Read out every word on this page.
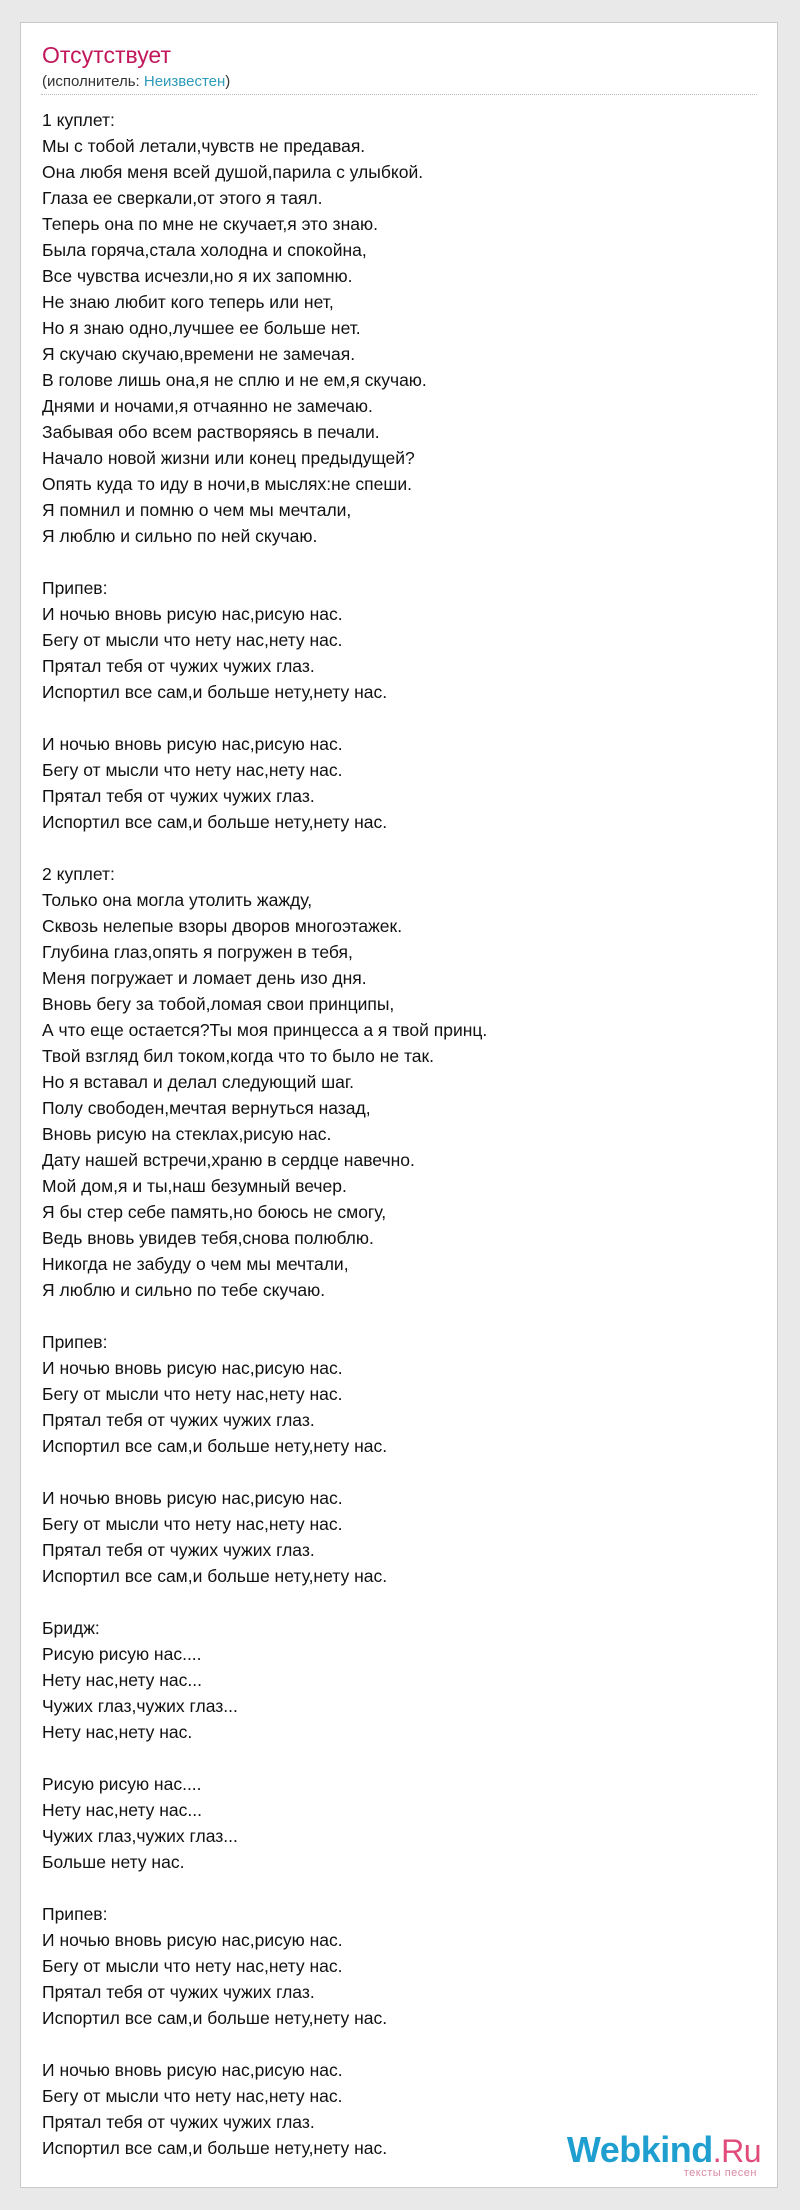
Отсутствует
(исполнитель: Неизвестен)
1 куплет:
Мы с тобой летали,чувств не предавая.
Она любя меня всей душой,парила с улыбкой.
Глаза ее сверкали,от этого я таял.
Теперь она по мне не скучает,я это знаю.
Была горяча,стала холодна и спокойна,
Все чувства исчезли,но я их запомню.
Не знаю любит кого теперь или нет,
Но я знаю одно,лучшее ее больше нет.
Я скучаю скучаю,времени не замечая.
В голове лишь она,я не сплю и не ем,я скучаю.
Днями и ночами,я отчаянно не замечаю.
Забывая обо всем растворяясь в печали.
Начало новой жизни или конец предыдущей?
Опять куда то иду в ночи,в мыслях:не спеши.
Я помнил и помню о чем мы мечтали,
Я люблю и сильно по ней скучаю.
Припев:
И ночью вновь рисую нас,рисую нас.
Бегу от мысли что нету нас,нету нас.
Прятал тебя от чужих чужих глаз.
Испортил все сам,и больше нету,нету нас.
И ночью вновь рисую нас,рисую нас.
Бегу от мысли что нету нас,нету нас.
Прятал тебя от чужих чужих глаз.
Испортил все сам,и больше нету,нету нас.
2 куплет:
Только она могла утолить жажду,
Сквозь нелепые взоры дворов многоэтажек.
Глубина глаз,опять я погружен в тебя,
Меня погружает и ломает день изо дня.
Вновь бегу за тобой,ломая свои принципы,
А что еще остается?Ты моя принцесса а я твой принц.
Твой взгляд бил током,когда что то было не так.
Но я вставал и делал следующий шаг.
Полу свободен,мечтая вернуться назад,
Вновь рисую на стеклах,рисую нас.
Дату нашей встречи,храню в сердце навечно.
Мой дом,я и ты,наш безумный вечер.
Я бы стер себе память,но боюсь не смогу,
Ведь вновь увидев тебя,снова полюблю.
Никогда не забуду о чем мы мечтали,
Я люблю и сильно по тебе скучаю.
Припев:
И ночью вновь рисую нас,рисую нас.
Бегу от мысли что нету нас,нету нас.
Прятал тебя от чужих чужих глаз.
Испортил все сам,и больше нету,нету нас.
И ночью вновь рисую нас,рисую нас.
Бегу от мысли что нету нас,нету нас.
Прятал тебя от чужих чужих глаз.
Испортил все сам,и больше нету,нету нас.
Бридж:
Рисую рисую нас....
Нету нас,нету нас...
Чужих глаз,чужих глаз...
Нету нас,нету нас.
Рисую рисую нас....
Нету нас,нету нас...
Чужих глаз,чужих глаз...
Больше нету нас.
Припев:
И ночью вновь рисую нас,рисую нас.
Бегу от мысли что нету нас,нету нас.
Прятал тебя от чужих чужих глаз.
Испортил все сам,и больше нету,нету нас.
И ночью вновь рисую нас,рисую нас.
Бегу от мысли что нету нас,нету нас.
Прятал тебя от чужих чужих глаз.
Испортил все сам,и больше нету,нету нас.	Webkind.Ru
тексты песен
